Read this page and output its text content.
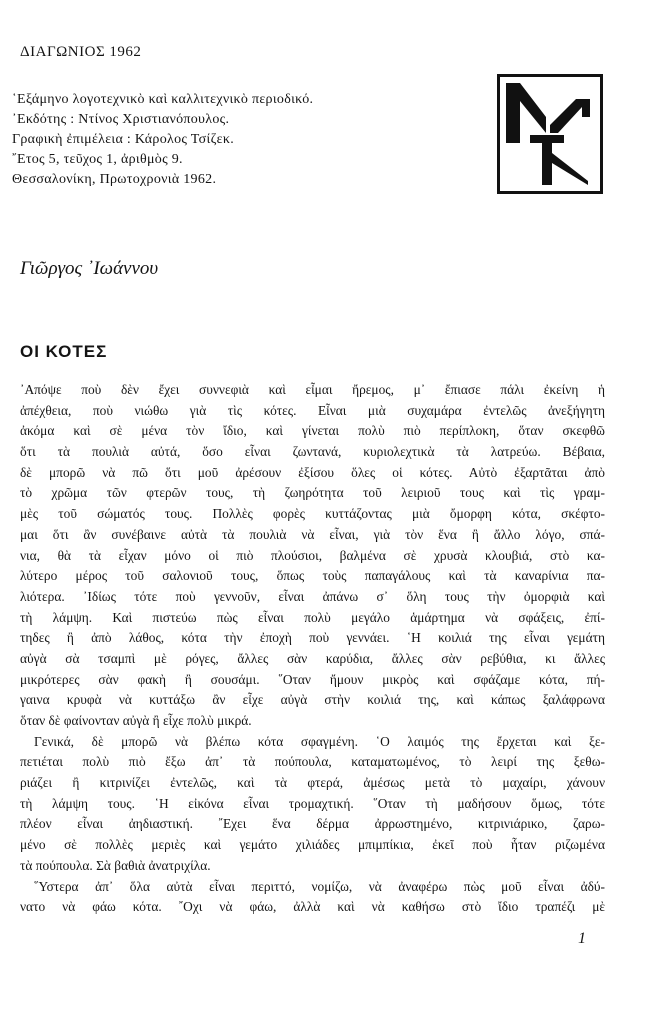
ΔΙΑΓΩΝΙΟΣ 1962
῾Εξάμηνο λογοτεχνικὸ καὶ καλλιτεχνικὸ περιοδικό.
᾿Εκδότης : Ντίνος Χριστιανόπουλος.
Γραφικὴ ἐπιμέλεια : Κάρολος Τσίζεκ.
῎Ετος 5, τεῦχος 1, ἀριθμὸς 9.
Θεσσαλονίκη, Πρωτοχρονιὰ 1962.
Γιῶργος ᾿Ιωάννου
ΟΙ ΚΟΤΕΣ
᾿Απόψε ποὺ δὲν ἔχει συννεφιὰ καὶ εἶμαι ἤρεμος, μ᾿ ἔπιασε πάλι ἐκείνη ἡ
ἀπέχθεια, ποὺ νιώθω γιὰ τὶς κότες. Εἶναι μιὰ συχαμάρα ἐντελῶς ἀνεξήγητη
ἀκόμα καὶ σὲ μένα τὸν ἴδιο, καὶ γίνεται πολὺ πιὸ περίπλοκη, ὅταν σκεφθῶ
ὅτι τὰ πουλιὰ αὐτά, ὅσο εἶναι ζωντανά, κυριολεχτικὰ τὰ λατρεύω. Βέβαια,
δὲ μπορῶ νὰ πῶ ὅτι μοῦ ἀρέσουν ἐξίσου ὅλες οἱ κότες. Αὐτὸ ἐξαρτᾶται ἀπὸ
τὸ χρῶμα τῶν φτερῶν τους, τὴ ζωηρότητα τοῦ λειριοῦ τους καὶ τὶς γραμ-
μὲς τοῦ σώματός τους. Πολλὲς φορὲς κυττάζοντας μιὰ ὄμορφη κότα, σκέφτο-
μαι ὅτι ἂν συνέβαινε αὐτὰ τὰ πουλιὰ νὰ εἶναι, γιὰ τὸν ἕνα ἢ ἄλλο λόγο, σπά-
νια, θὰ τὰ εἶχαν μόνο οἱ πιὸ πλούσιοι, βαλμένα σὲ χρυσὰ κλουβιά, στὸ κα-
λύτερο μέρος τοῦ σαλονιοῦ τους, ὅπως τοὺς παπαγάλους καὶ τὰ καναρίνια πα-
λιότερα. ᾿Ιδίως τότε ποὺ γεννοῦν, εἶναι ἀπάνω σ᾿ ὅλη τους τὴν ὀμορφιὰ καὶ
τὴ λάμψη. Καὶ πιστεύω πὼς εἶναι πολὺ μεγάλο ἁμάρτημα νὰ σφάξεις, ἐπί-
τηδες ἢ ἀπὸ λάθος, κότα τὴν ἐποχὴ ποὺ γεννάει. ῾Η κοιλιά της εἶναι γεμάτη
αὐγὰ σὰ τσαμπὶ μὲ ρόγες, ἄλλες σὰν καρύδια, ἄλλες σὰν ρεβύθια, κι ἄλλες
μικρότερες σὰν φακὴ ἢ σουσάμι. ῞Οταν ἤμουν μικρὸς καὶ σφάζαμε κότα, πή-
γαινα κρυφὰ νὰ κυττάξω ἂν εἶχε αὐγὰ στὴν κοιλιά της, καὶ κάπως ξαλάφρωνα
ὅταν δὲ φαίνονταν αὐγὰ ἢ εἶχε πολὺ μικρά.
Γενικά, δὲ μπορῶ νὰ βλέπω κότα σφαγμένη. ῾Ο λαιμός της ἔρχεται καὶ ξε-
πετιέται πολὺ πιὸ ἔξω ἀπ᾿ τὰ πούπουλα, καταματωμένος, τὸ λειρί της ξεθω-
ριάζει ἢ κιτρινίζει ἐντελῶς, καὶ τὰ φτερά, ἀμέσως μετὰ τὸ μαχαίρι, χάνουν
τὴ λάμψη τους. ῾Η εἰκόνα εἶναι τρομαχτική. ῞Οταν τὴ μαδήσουν ὅμως, τότε
πλέον εἶναι ἀηδιαστική. ῎Εχει ἕνα δέρμα ἀρρωστημένο, κιτρινιάρικο, ζαρω-
μένο σὲ πολλὲς μεριὲς καὶ γεμάτο χιλιάδες μπιμπίκια, ἐκεῖ ποὺ ἦταν ριζωμένα
τὰ πούπουλα. Σὰ βαθιὰ ἀνατριχίλα.
῞Υστερα ἀπ᾿ ὅλα αὐτὰ εἶναι περιττό, νομίζω, νὰ ἀναφέρω πὼς μοῦ εἶναι ἀδύ-
νατο νὰ φάω κότα. ῎Οχι νὰ φάω, ἀλλὰ καὶ νὰ καθήσω στὸ ἴδιο τραπέζι μὲ
1
